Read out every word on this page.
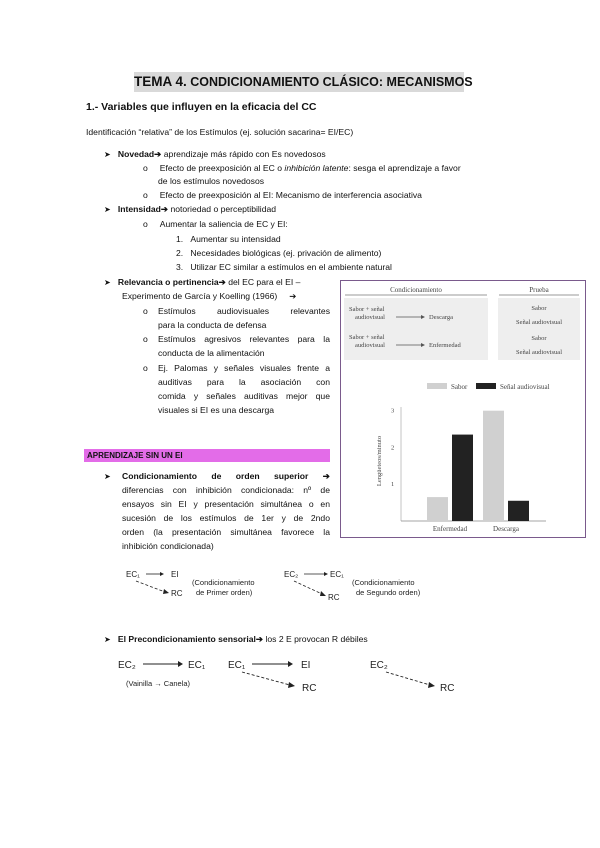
TEMA 4. CONDICIONAMIENTO CLÁSICO: MECANISMOS
1.- Variables que influyen en la eficacia del CC
Identificación “relativa” de los Estímulos (ej. solución sacarina= EI/EC)
➤ Novedad➔ aprendizaje más rápido con Es novedosos
o     Efecto de preexposición al EC o inhibición latente: sesga el aprendizaje a favor
de los estímulos novedosos
o     Efecto de preexposición al EI: Mecanismo de interferencia asociativa
➤ Intensidad➔ notoriedad o perceptibilidad
o     Aumentar la saliencia de EC y EI:
1.   Aumentar su intensidad
2.   Necesidades biológicas (ej. privación de alimento)
3.   Utilizar EC similar a estímulos en el ambiente natural
➤ Relevancia o pertinencia➔ del EC para el EI –
Experimento de García y Koelling (1966)     ➔
o Estímulos audiovisuales relevantes
para la conducta de defensa
o Estímulos agresivos relevantes para la
conducta de la alimentación
o Ej. Palomas y señales visuales frente a
auditivas para la asociación con
comida y señales auditivas mejor que
visuales si EI es una descarga
Condicionamiento	Prueba
Sabor + señal
audiovisual	Descarga
Sabor
Señal audiovisual
Sabor + señal
audiovisual	Enfermedad
Sabor
Señal audiovisual
Sabor	Señal audiovisual
1
2
3
Lengüeteos/minuto
Enfermedad	Descarga
APRENDIZAJE SIN UN EI
➤	Condicionamiento de orden superior ➔
diferencias con inhibición condicionada: nº de
ensayos sin EI y presentación simultánea o en
sucesión de los estímulos de 1er y de 2ndo
orden (la presentación simultánea favorece la
inhibición condicionada)
EC₁	EI
RC
(Condicionamiento
de Primer orden)
EC₂	EC₁
RC
(Condicionamiento
de Segundo orden)
➤ El Precondicionamiento sensorial➔ los 2 E provocan R débiles
EC₂	EC₁
(Vainilla → Canela)
EC₁	EI
RC
EC₂
RC
